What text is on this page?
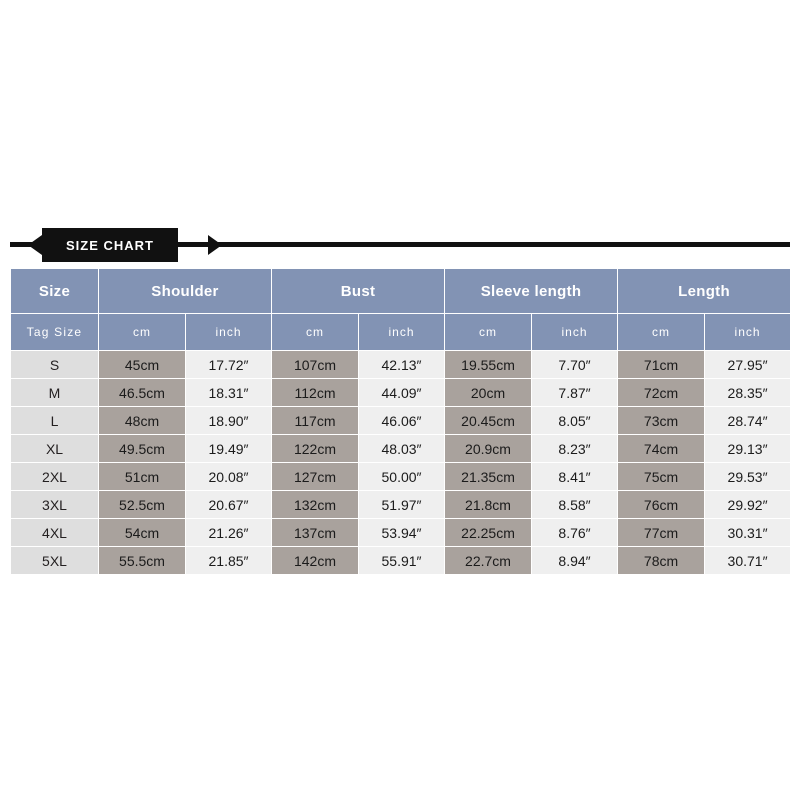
SIZE CHART
Size	Shoulder		Bust		Sleeve length		Length	
Tag Size	cm	inch	cm	inch	cm	inch	cm	inch
S	45cm	17.72″	107cm	42.13″	19.55cm	7.70″	71cm	27.95″
M	46.5cm	18.31″	112cm	44.09″	20cm	7.87″	72cm	28.35″
L	48cm	18.90″	117cm	46.06″	20.45cm	8.05″	73cm	28.74″
XL	49.5cm	19.49″	122cm	48.03″	20.9cm	8.23″	74cm	29.13″
2XL	51cm	20.08″	127cm	50.00″	21.35cm	8.41″	75cm	29.53″
3XL	52.5cm	20.67″	132cm	51.97″	21.8cm	8.58″	76cm	29.92″
4XL	54cm	21.26″	137cm	53.94″	22.25cm	8.76″	77cm	30.31″
5XL	55.5cm	21.85″	142cm	55.91″	22.7cm	8.94″	78cm	30.71″
